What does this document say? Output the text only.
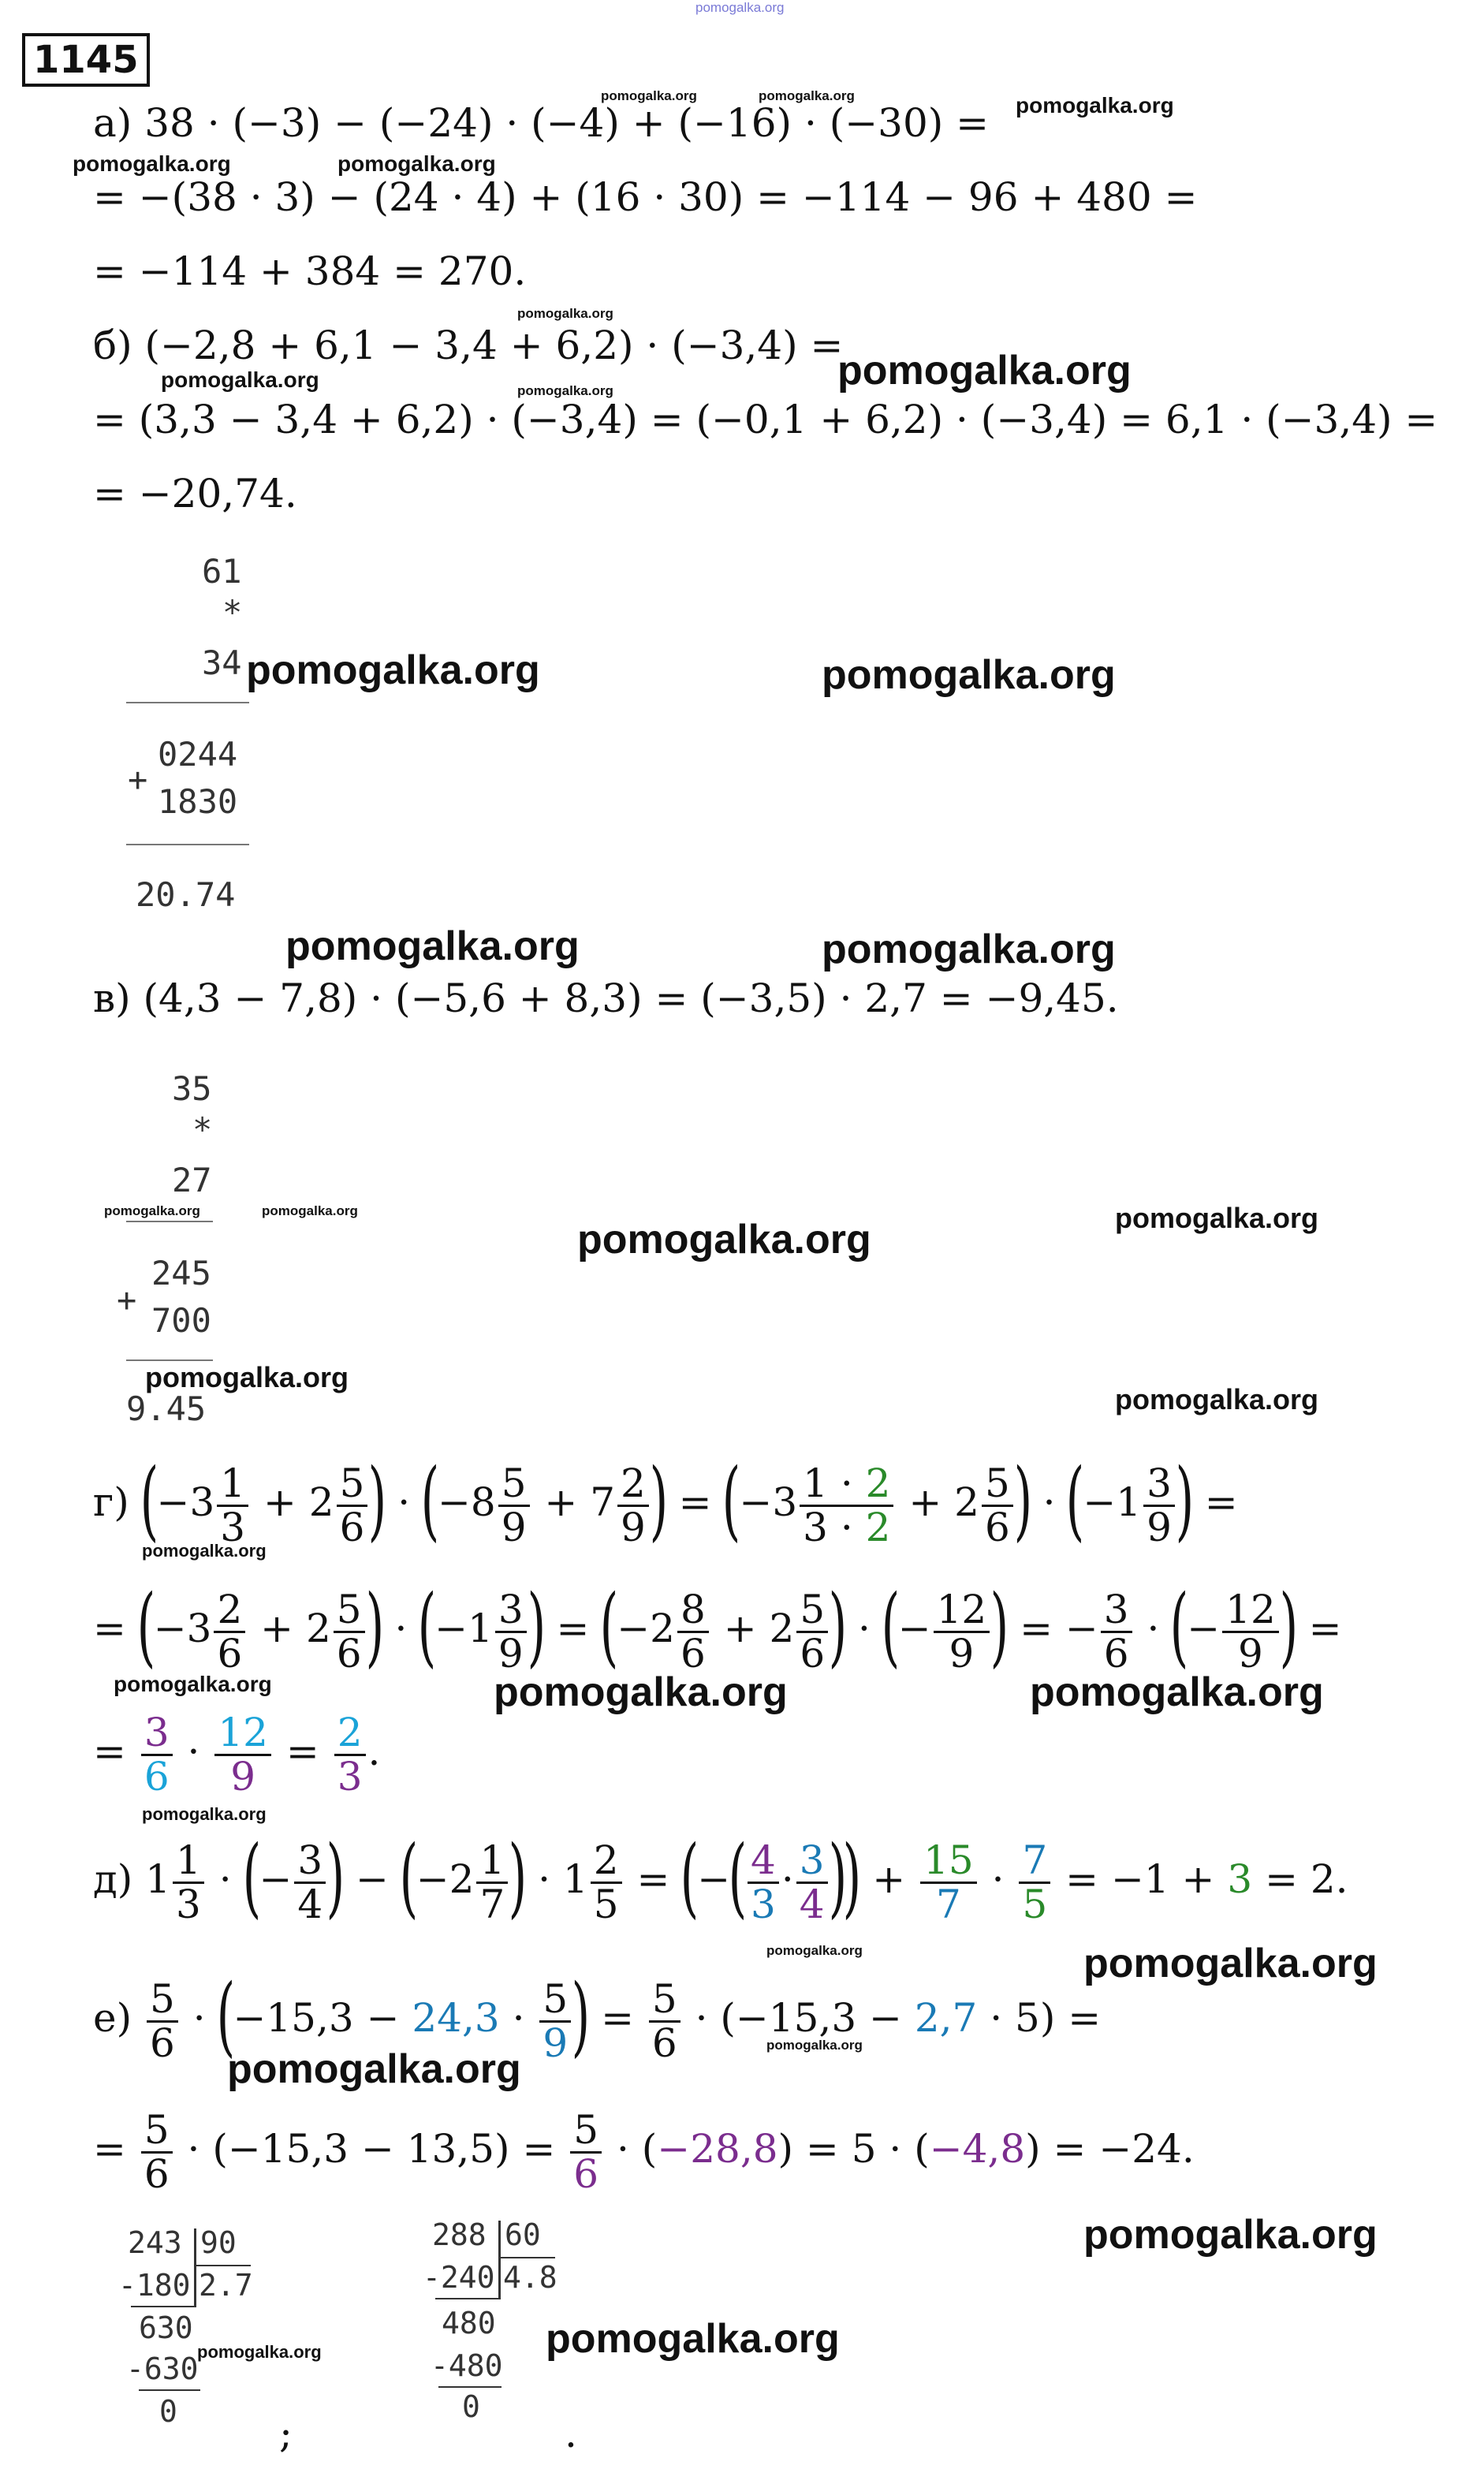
pomogalka.org
1145
а) 38 · (−3) − (−24) · (−4) + (−16) · (−30) =
= −(38 · 3) − (24 · 4) + (16 · 30) = −114 − 96 + 480 =
= −114 + 384 = 270.
pomogalka.org	pomogalka.org	pomogalka.org
pomogalka.org	pomogalka.org
б) (−2,8 + 6,1 − 3,4 + 6,2) · (−3,4) =
= (3,3 − 3,4 + 6,2) · (−3,4) = (−0,1 + 6,2) · (−3,4) = 6,1 · (−3,4) =
= −20,74.
pomogalka.org
pomogalka.org	pomogalka.org	pomogalka.org
61
*
34
0244
+
1830
20.74
pomogalka.org	pomogalka.org
pomogalka.org	pomogalka.org
в) (4,3 − 7,8) · (−5,6 + 8,3) = (−3,5) · 2,7 = −9,45.
35
*
27
245
+
700
9.45
pomogalka.org	pomogalka.org
pomogalka.org	pomogalka.org
pomogalka.org
pomogalka.org
г) ($-3 \frac{1}{3} + 2 \frac{5}{6}$ ) · ($-8 \frac{5}{9} + 7 \frac{2}{9}$ ) = ($-3 \frac{1 \cdot 2}{3 \cdot 2} + 2 \frac{5}{6}$ ) · ($-1 \frac{3}{9}$ ) =
pomogalka.org
= ($-3 \frac{2}{6} + 2 \frac{5}{6}$ ) · ($-1 \frac{3}{9}$ ) = ($-2 \frac{8}{6} + 2 \frac{5}{6}$ ) · (− $\frac{12}{9}$ ) = − $\frac{3}{6}$ · (− $\frac{12}{9}$ ) =
pomogalka.org	pomogalka.org	pomogalka.org
= $\frac{3}{6} \cdot \frac{12}{9} = \frac{2}{3}$ .
pomogalka.org
д) $1 \frac{1}{3}$ · (− $\frac{3}{4}$ ) − ($-2 \frac{1}{7}$ ) · $1 \frac{2}{5}$ = (−( $\frac{4}{3} \cdot \frac{3}{4}$ )) + $\frac{15}{7} \cdot \frac{7}{5} = -1 + 3 = 2$.
pomogalka.org	pomogalka.org
$е) \frac{5}{6} \cdot (-15,3 - 24,3 \cdot \frac{5}{9}$ ) = $\frac{5}{6} \cdot (-15,3 - 2,7 \cdot 5)$ =
pomogalka.org
pomogalka.org
= $\frac{5}{6} \cdot (-15,3 - 13,5) = \frac{5}{6} \cdot (-28,8) = 5 \cdot (-4,8) = -24$.
pomogalka.org
243 90
-180 2.7
630
-630
0	;
pomogalka.org
288 60
-240 4.8
480
-480
0
.
pomogalka.org
